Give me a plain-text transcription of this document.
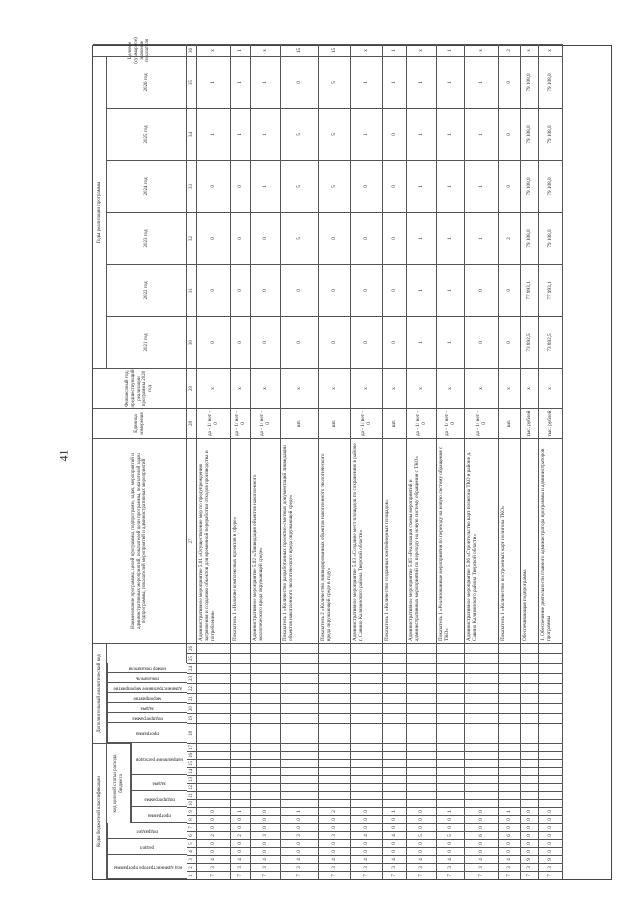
41
Коды бюджетной классификации
Дополнительный аналитический код
Наименование программы, целей программы, подпрограмм, задач, мероприятий и административных мероприятий, показателей цели программы, показателей задач подпрограммы, показателей мероприятий и административных мероприятий
Единица измерения
Финансовый год, предшествующий реализации программы 2020 год
Годы реализации программы
Целевое (суммарное) значение показателя
2021 год
2022 год
2023 год
2024 год
2025 год
2026 год
код администратора программы
раздел
подраздел
код целевой статьи расхода бюджета
программа
подпрограмма
задача
направление расходов
программа
подпрограмма
задача
мероприятие
административное мероприятие
показатель
номер показателя
1
2
3
4
5
6
7
8
9
10
11
12
13
14
15
16
17
18
19
20
21
22
23
24
25
26
27
28
29
30
31
32
33
34
35
36
7
3
4
0
0
2
0
0
0
Административное мероприятие 5.01 «Осуществление мер по предупреждению загрязнения и созданию объектов для временной переработки отходов производства и потребления»
да - 1/ нет - 0
x
0
0
0
0
1
1
x
7
3
4
0
0
2
0
0
1
Показатель 1 «Наличие комплексных проектов в сфере»
да - 1/ нет - 0
x
0
0
0
0
1
1
1
7
3
4
0
0
3
0
0
0
Административное мероприятие 5.02 «Ликвидация объектов накопленного экологического вреда окружающей среде»
да - 1/ нет - 0
x
0
0
0
1
1
1
x
7
3
4
0
0
3
0
0
1
Показатель 1 «Количество разработанных проектно-сметных документаций ликвидации объектов накопленного экологического вреда окружающей среде»
шт.
x
0
0
5
5
5
0
15
7
3
4
0
0
3
0
0
2
Показатель 2 «Количество ликвидированных объектов накопленного экологического вреда окружающей среде в году»
шт.
x
0
0
0
5
5
5
15
7
3
4
0
0
4
0
0
0
Административное мероприятие 5.03 «Создание мест площадок по сохранению в районе г. Савино Калязинского района Тверской области»
да - 1/ нет - 0
x
0
0
0
0
1
1
x
7
3
4
0
0
4
0
0
1
Показатель 1 «Количество созданных контейнерных площадок»
шт.
x
0
0
0
0
0
1
1
7
3
4
0
0
5
0
0
0
Административное мероприятие 5.05 «Реализация схемы мероприятий и административных мероприятий по переходу на новую систему обращения с ТКО»
да - 1/ нет - 0
x
1
1
1
1
1
1
x
7
3
4
0
0
5
0
0
1
Показатель 1 «Реализованные мероприятия по переходу на новую систему обращения с ТКО»
да - 1/ нет - 0
x
1
1
1
1
1
1
1
7
3
4
0
0
6
0
0
0
Административное мероприятие 5.06 «Строительство карт полигона ТКО в районе д. Савино Калязинского района Тверской области»
да - 1/ нет - 0
x
0
0
1
1
1
1
x
7
3
4
0
0
6
0
0
1
Показатель 1 «Количество построенных карт полигона ТКО»
шт.
x
0
0
2
0
0
0
2
7
3
9
0
0
0
0
0
0
Обеспечивающая подпрограмма
тыс. рублей
x
73 892,5
77 993,1
79 108,0
79 108,0
79 108,0
79 108,0
x
7
3
9
0
0
0
0
0
0
1. Обеспечение деятельности главного администратора программы и администраторов программы
тыс. рублей
x
73 892,5
77 993,1
79 108,0
79 108,0
79 108,0
79 108,0
x
